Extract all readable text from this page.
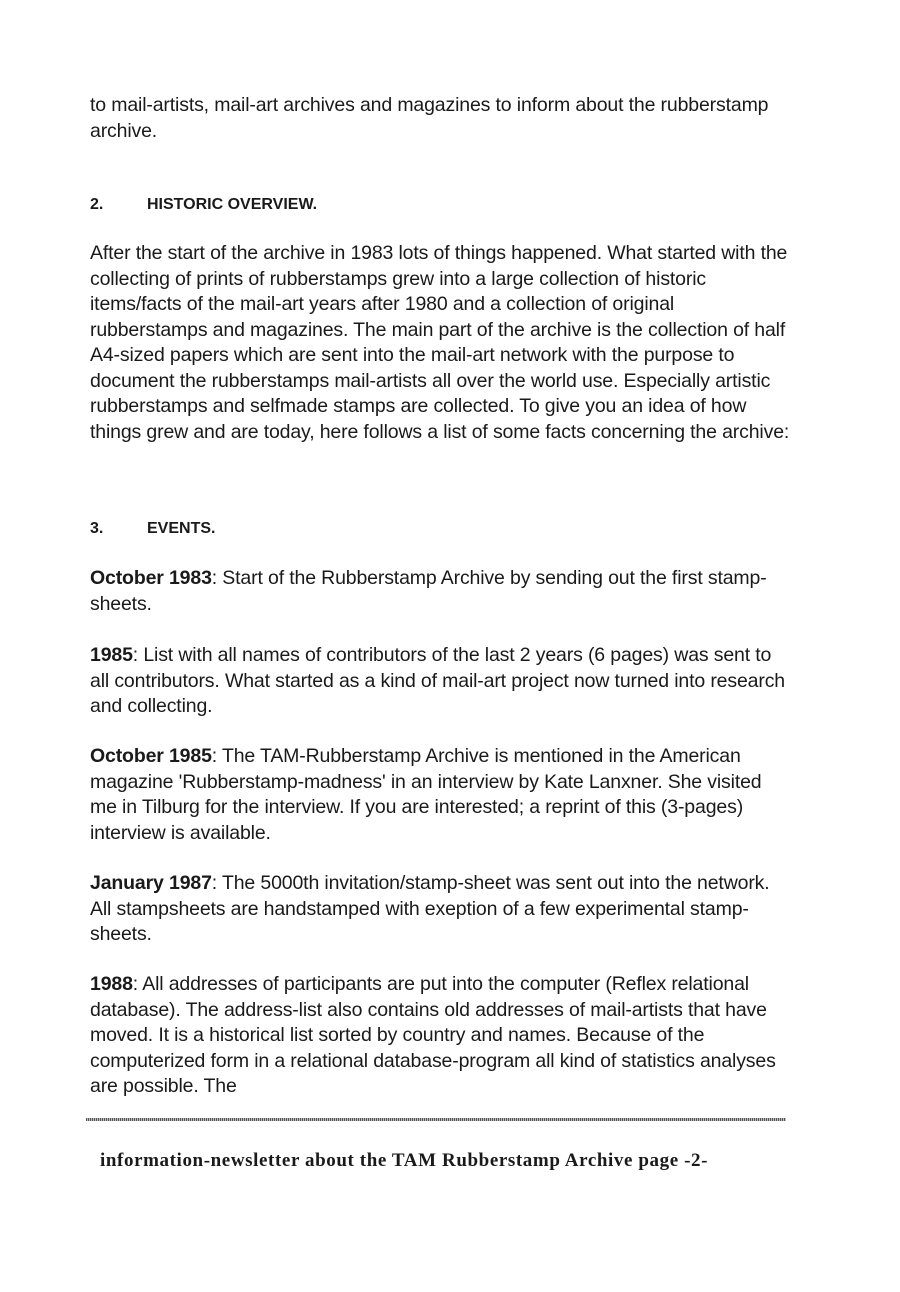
to mail-artists, mail-art archives and magazines to inform about the rubberstamp archive.

2.	HISTORIC OVERVIEW.

After the start of the archive in 1983 lots of things happened. What started with the collecting of prints of rubberstamps grew into a large collection of historic items/facts of the mail-art years after 1980 and a collection of original rubberstamps and magazines. The main part of the archive is the collection of half A4-sized papers which are sent into the mail-art network with the purpose to document the rubberstamps mail-artists all over the world use. Especially artistic rubberstamps and selfmade stamps are collected. To give you an idea of how things grew and are today, here follows a list of some facts concerning the archive:

3.	EVENTS.

October 1983: Start of the Rubberstamp Archive by sending out the first stamp-sheets.

1985: List with all names of contributors of the last 2 years (6 pages) was sent to all contributors. What started as a kind of mail-art project now turned into research and collecting.

October 1985: The TAM-Rubberstamp Archive is mentioned in the American magazine 'Rubberstamp-madness' in an interview by Kate Lanxner. She visited me in Tilburg for the interview. If you are interested; a reprint of this (3-pages) interview is available.

January 1987: The 5000th invitation/stamp-sheet was sent out into the network. All stampsheets are handstamped with exeption of a few experimental stamp-sheets.

1988: All addresses of participants are put into the computer (Reflex relational database). The address-list also contains old addresses of mail-artists that have moved. It is a historical list sorted by country and names. Because of the computerized form in a relational database-program all kind of statistics analyses are possible. The

information-newsletter about the TAM Rubberstamp Archive page -2-
